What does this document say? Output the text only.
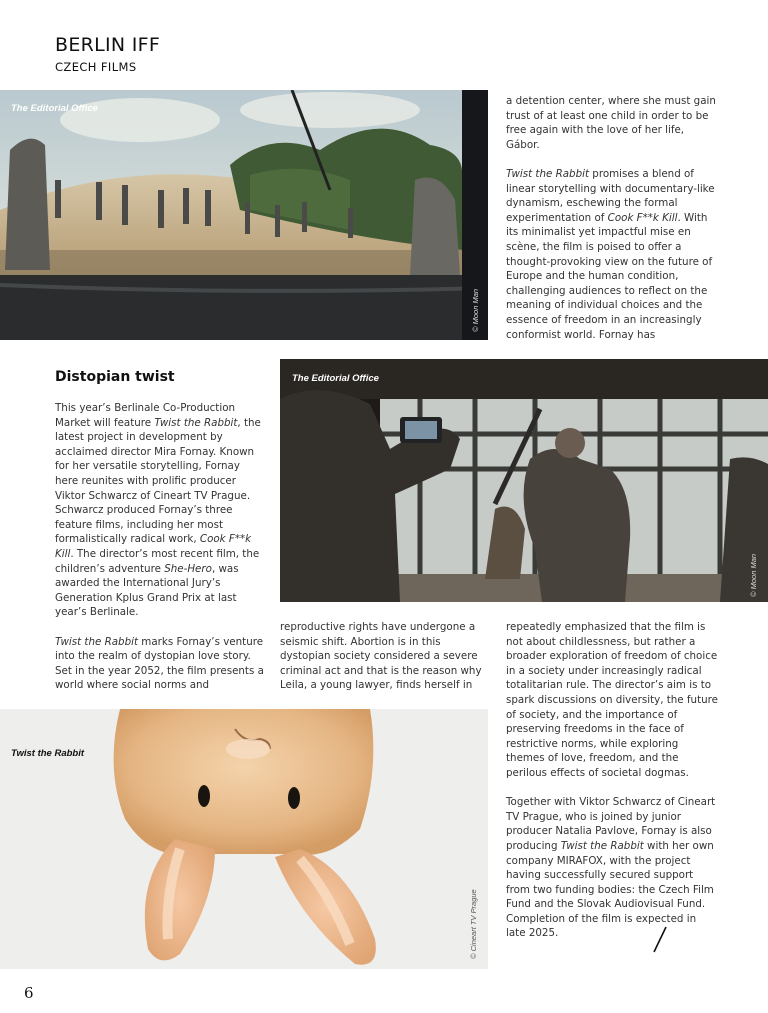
BERLIN IFF
CZECH FILMS
The Editorial Office
© Moon Man

a detention center, where she must gain trust of at least one child in order to be free again with the love of her life, Gábor.

Twist the Rabbit promises a blend of linear storytelling with documentary-like dynamism, eschewing the formal experimentation of Cook F**k Kill. With its minimalist yet impactful mise en scène, the film is poised to offer a thought-provoking view on the future of Europe and the human condition, challenging audiences to reflect on the meaning of individual choices and the essence of freedom in an increasingly conformist world. Fornay has

Distopian twist

This year’s Berlinale Co-Production Market will feature Twist the Rabbit, the latest project in development by acclaimed director Mira Fornay. Known for her versatile storytelling, Fornay here reunites with prolific producer Viktor Schwarcz of Cineart TV Prague. Schwarcz produced Fornay’s three feature films, including her most formalistically radical work, Cook F**k Kill. The director’s most recent film, the children’s adventure She-Hero, was awarded the International Jury’s Generation Kplus Grand Prix at last year’s Berlinale.

Twist the Rabbit marks Fornay’s venture into the realm of dystopian love story. Set in the year 2052, the film presents a world where social norms and

The Editorial Office
© Moon Man

reproductive rights have undergone a seismic shift. Abortion is in this dystopian society considered a severe criminal act and that is the reason why Leila, a young lawyer, finds herself in

repeatedly emphasized that the film is not about childlessness, but rather a broader exploration of freedom of choice in a society under increasingly radical totalitarian rule. The director’s aim is to spark discussions on diversity, the future of society, and the importance of preserving freedoms in the face of restrictive norms, while exploring themes of love, freedom, and the perilous effects of societal dogmas.

Together with Viktor Schwarcz of Cineart TV Prague, who is joined by junior producer Natalia Pavlove, Fornay is also producing Twist the Rabbit with her own company MIRAFOX, with the project having successfully secured support from two funding bodies: the Czech Film Fund and the Slovak Audiovisual Fund. Completion of the film is expected in late 2025.

Twist the Rabbit
© Cineart TV Prague
6
